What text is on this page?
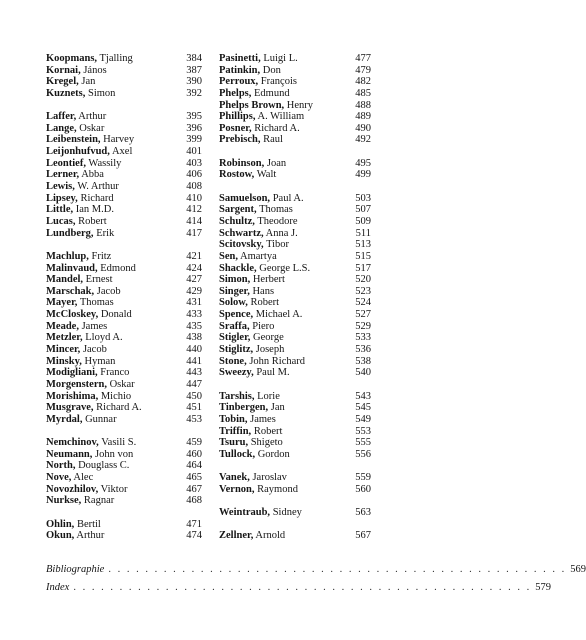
Koopmans, Tjalling	384
Kornai, János	387
Kregel, Jan	390
Kuznets, Simon	392
Laffer, Arthur	395
Lange, Oskar	396
Leibenstein, Harvey	399
Leijonhufvud, Axel	401
Leontief, Wassily	403
Lerner, Abba	406
Lewis, W. Arthur	408
Lipsey, Richard	410
Little, Ian M.D.	412
Lucas, Robert	414
Lundberg, Erik	417
Machlup, Fritz	421
Malinvaud, Edmond	424
Mandel, Ernest	427
Marschak, Jacob	429
Mayer, Thomas	431
McCloskey, Donald	433
Meade, James	435
Metzler, Lloyd A.	438
Mincer, Jacob	440
Minsky, Hyman	441
Modigliani, Franco	443
Morgenstern, Oskar	447
Morishima, Michio	450
Musgrave, Richard A.	451
Myrdal, Gunnar	453
Nemchinov, Vasili S.	459
Neumann, John von	460
North, Douglass C.	464
Nove, Alec	465
Novozhilov, Viktor	467
Nurkse, Ragnar	468
Ohlin, Bertil	471
Okun, Arthur	474
Pasinetti, Luigi L.	477
Patinkin, Don	479
Perroux, François	482
Phelps, Edmund	485
Phelps Brown, Henry	488
Phillips, A. William	489
Posner, Richard A.	490
Prebisch, Raul	492
Robinson, Joan	495
Rostow, Walt	499
Samuelson, Paul A.	503
Sargent, Thomas	507
Schultz, Theodore	509
Schwartz, Anna J.	511
Scitovsky, Tibor	513
Sen, Amartya	515
Shackle, George L.S.	517
Simon, Herbert	520
Singer, Hans	523
Solow, Robert	524
Spence, Michael A.	527
Sraffa, Piero	529
Stigler, George	533
Stiglitz, Joseph	536
Stone, John Richard	538
Sweezy, Paul M.	540
Tarshis, Lorie	543
Tinbergen, Jan	545
Tobin, James	549
Triffin, Robert	553
Tsuru, Shigeto	555
Tullock, Gordon	556
Vanek, Jaroslav	559
Vernon, Raymond	560
Weintraub, Sidney	563
Zellner, Arnold	567
Bibliographie . . . . . . . . . . . . . . . . . . . . . . . . . . . . . . . . . . . . . . . . . . . . . . . . . . 569
Index . . . . . . . . . . . . . . . . . . . . . . . . . . . . . . . . . . . . . . . . . . . . . . . . . . 579
